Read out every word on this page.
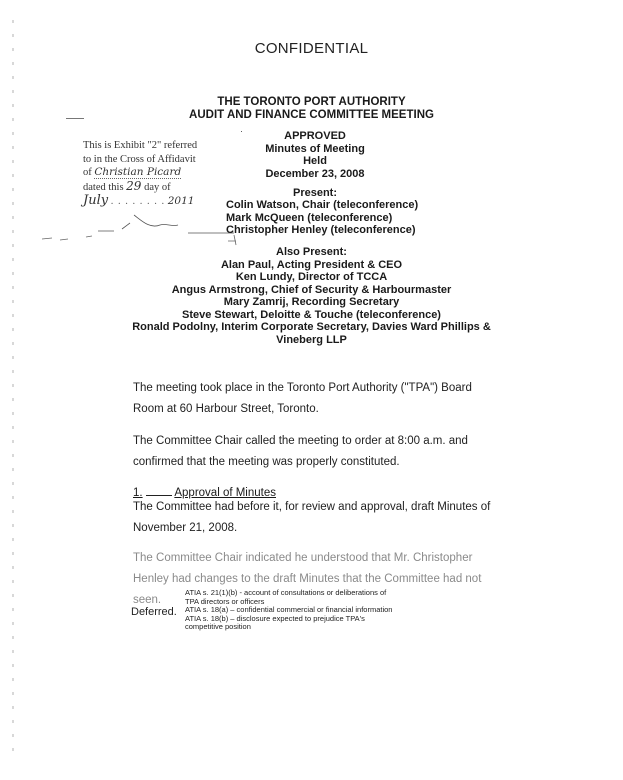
CONFIDENTIAL
THE TORONTO PORT AUTHORITY
AUDIT AND FINANCE COMMITTEE MEETING
·	APPROVED
Minutes of Meeting
Held
December 23, 2008
This is Exhibit "2" referred
to in the Cross of Affidavit
of Christian Picard
dated this 29 day of
July . . . . . . . . 2011
Present:
Colin Watson, Chair (teleconference)
Mark McQueen (teleconference)
Christopher Henley (teleconference)
Also Present:
Alan Paul, Acting President & CEO
Ken Lundy, Director of TCCA
Angus Armstrong, Chief of Security & Harbourmaster
Mary Zamrij, Recording Secretary
Steve Stewart, Deloitte & Touche (teleconference)
Ronald Podolny, Interim Corporate Secretary, Davies Ward Phillips &
Vineberg LLP
The meeting took place in the Toronto Port Authority ("TPA") Board Room at 60 Harbour Street, Toronto.
The Committee Chair called the meeting to order at 8:00 a.m. and confirmed that the meeting was properly constituted.
1.	Approval of Minutes
The Committee had before it, for review and approval, draft Minutes of November 21, 2008.
The Committee Chair indicated he understood that Mr. Christopher Henley had changes to the draft Minutes that the Committee had not seen.
Deferred.
ATIA s. 21(1)(b) - account of consultations or deliberations of TPA directors or officers
ATIA s. 18(a) – confidential commercial or financial information
ATIA s. 18(b) – disclosure expected to prejudice TPA's competitive position
